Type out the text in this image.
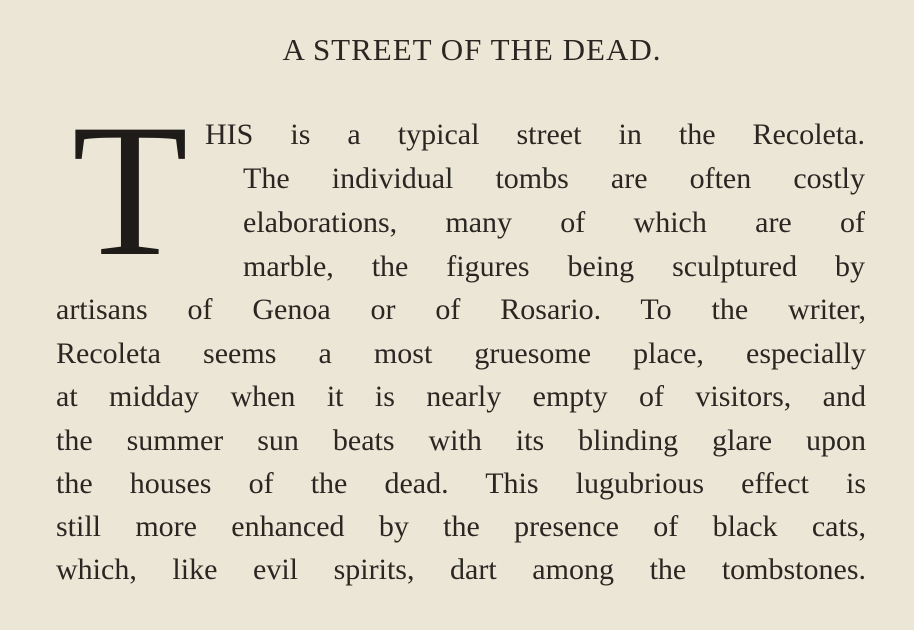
A STREET OF THE DEAD.
T HIS is a typical street in the Recoleta.
The individual tombs are often costly
elaborations, many of which are of
marble, the figures being sculptured by
artisans of Genoa or of Rosario. To the writer,
Recoleta seems a most gruesome place, especially
at midday when it is nearly empty of visitors, and
the summer sun beats with its blinding glare upon
the houses of the dead. This lugubrious effect is
still more enhanced by the presence of black cats,
which, like evil spirits, dart among the tombstones.
